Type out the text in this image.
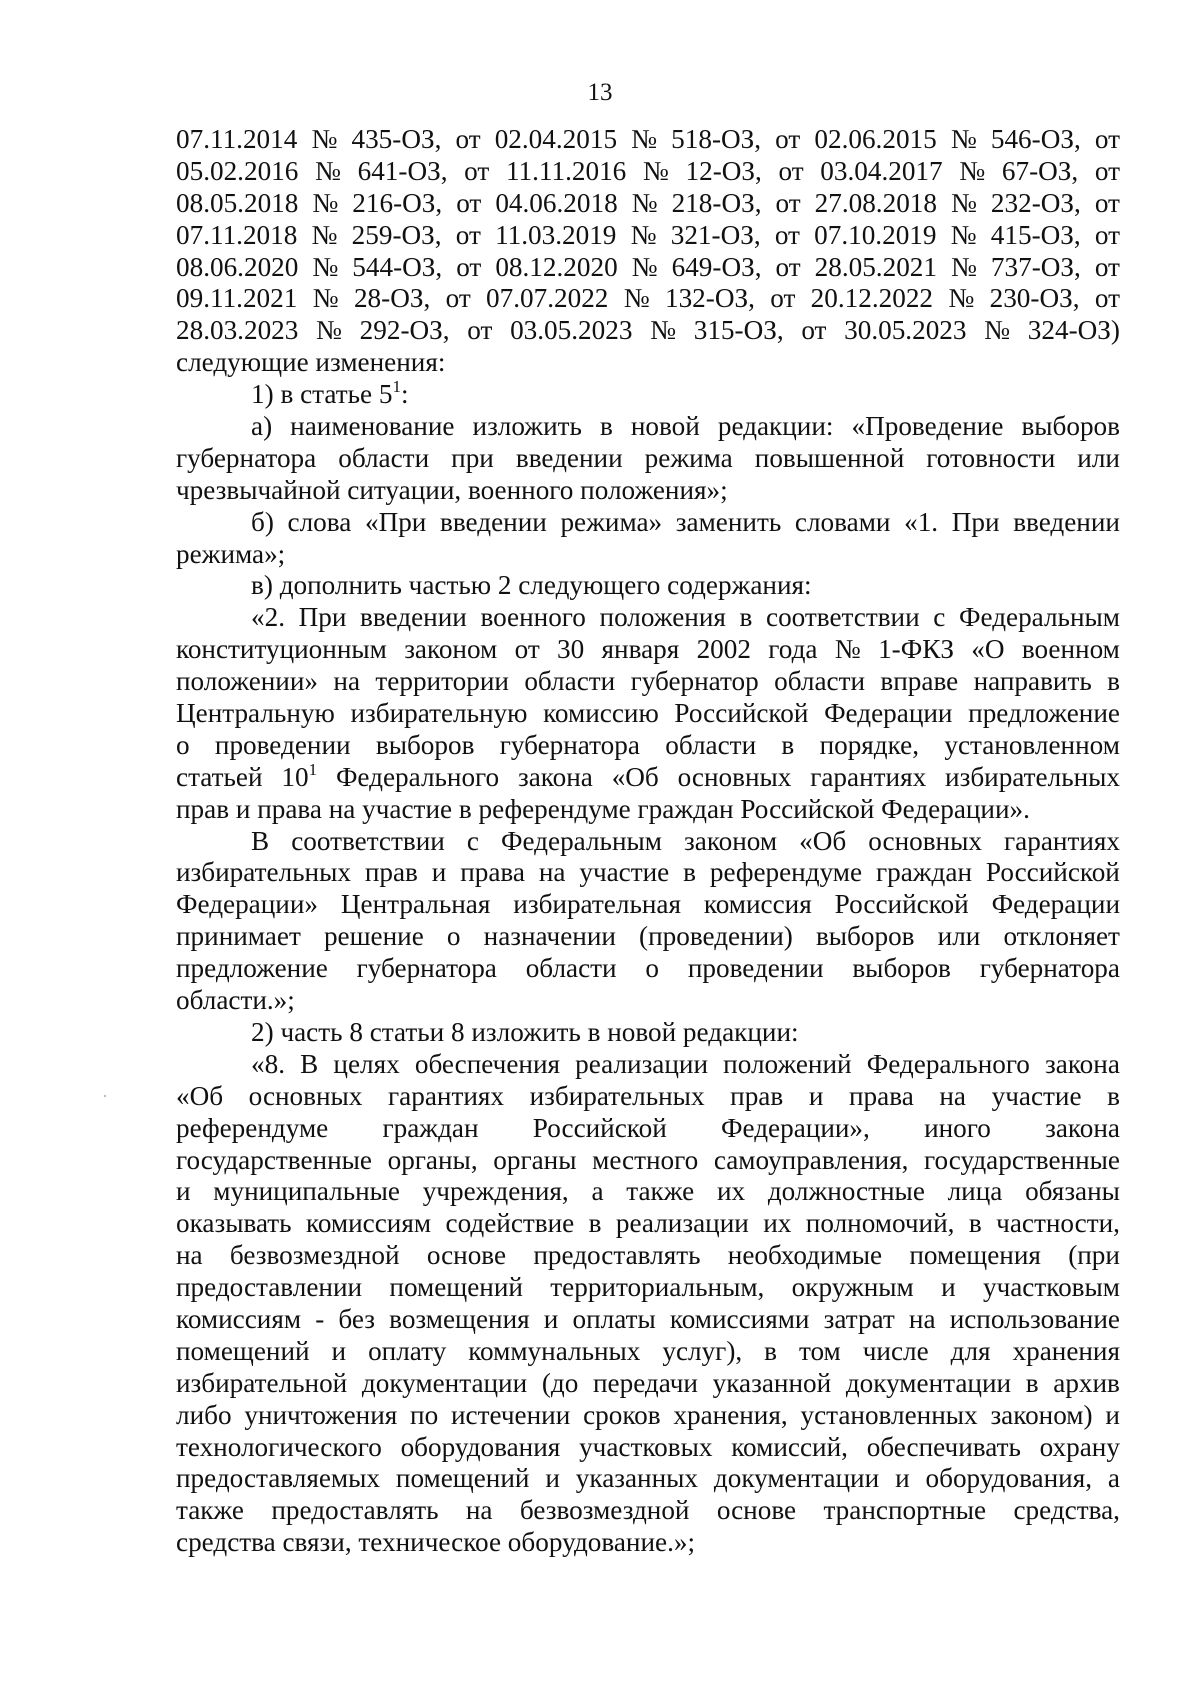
13
07.11.2014 № 435-ОЗ, от 02.04.2015 № 518-ОЗ, от 02.06.2015 № 546-ОЗ, от
05.02.2016 № 641-ОЗ, от 11.11.2016 № 12-ОЗ, от 03.04.2017 № 67-ОЗ, от
08.05.2018 № 216-ОЗ, от 04.06.2018 № 218-ОЗ, от 27.08.2018 № 232-ОЗ, от
07.11.2018 № 259-ОЗ, от 11.03.2019 № 321-ОЗ, от 07.10.2019 № 415-ОЗ, от
08.06.2020 № 544-ОЗ, от 08.12.2020 № 649-ОЗ, от 28.05.2021 № 737-ОЗ, от
09.11.2021 № 28-ОЗ, от 07.07.2022 № 132-ОЗ, от 20.12.2022 № 230-ОЗ, от
28.03.2023 № 292-ОЗ, от 03.05.2023 № 315-ОЗ, от 30.05.2023 № 324-ОЗ)
следующие изменения:
1) в статье $5^1$:
а) наименование изложить в новой редакции: «Проведение выборов
губернатора области при введении режима повышенной готовности или
чрезвычайной ситуации, военного положения»;
б) слова «При введении режима» заменить словами «1. При введении
режима»;
в) дополнить частью 2 следующего содержания:
«2. При введении военного положения в соответствии с Федеральным
конституционным законом от 30 января 2002 года № 1-ФКЗ «О военном
положении» на территории области губернатор области вправе направить в
Центральную избирательную комиссию Российской Федерации предложение
о проведении выборов губернатора области в порядке, установленном
статьей $10^1$ Федерального закона «Об основных гарантиях избирательных
прав и права на участие в референдуме граждан Российской Федерации».
В соответствии с Федеральным законом «Об основных гарантиях
избирательных прав и права на участие в референдуме граждан Российской
Федерации» Центральная избирательная комиссия Российской Федерации
принимает решение о назначении (проведении) выборов или отклоняет
предложение губернатора области о проведении выборов губернатора
области.»;
2) часть 8 статьи 8 изложить в новой редакции:
«8. В целях обеспечения реализации положений Федерального закона
«Об основных гарантиях избирательных прав и права на участие в
референдуме граждан Российской Федерации», иного закона
государственные органы, органы местного самоуправления, государственные
и муниципальные учреждения, а также их должностные лица обязаны
оказывать комиссиям содействие в реализации их полномочий, в частности,
на безвозмездной основе предоставлять необходимые помещения (при
предоставлении помещений территориальным, окружным и участковым
комиссиям - без возмещения и оплаты комиссиями затрат на использование
помещений и оплату коммунальных услуг), в том числе для хранения
избирательной документации (до передачи указанной документации в архив
либо уничтожения по истечении сроков хранения, установленных законом) и
технологического оборудования участковых комиссий, обеспечивать охрану
предоставляемых помещений и указанных документации и оборудования, а
также предоставлять на безвозмездной основе транспортные средства,
средства связи, техническое оборудование.»;
